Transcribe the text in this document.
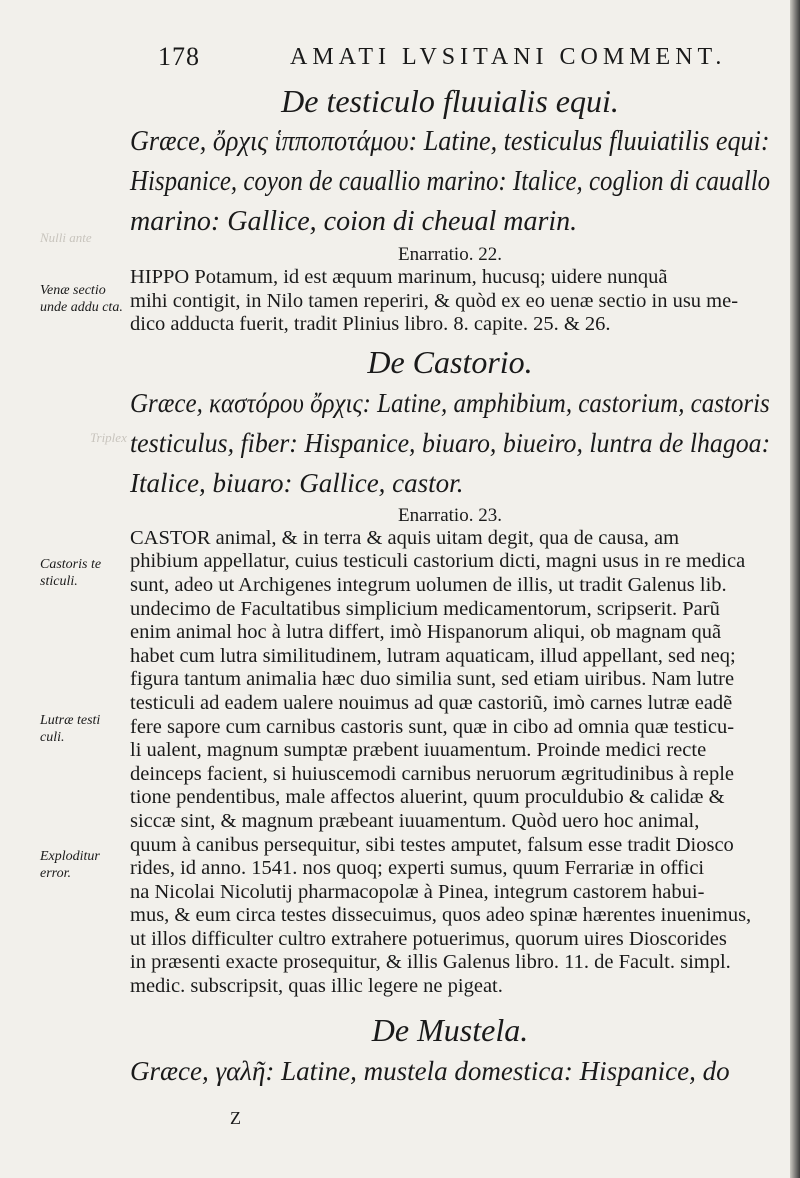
Nulli ante
Triplex
178	AMATI LVSITANI COMMENT.

De testiculo fluuialis equi.

Græce, ὄρχις ἱπποποτάμου: Latine, testiculus fluuiatilis equi:

Hispanice, coyon de cauallio marino: Italice, coglion di cauallo

marino: Gallice, coion di cheual marin.

Enarratio. 22.

HIPPO Potamum, id est æquum marinum, hucusq; uidere nunquã
mihi contigit, in Nilo tamen reperiri, & quòd ex eo uenæ sectio in usu me-
dico adducta fuerit, tradit Plinius libro. 8. capite. 25. & 26.

De Castorio.

Græce, καστόρου ὄρχις: Latine, amphibium, castorium, castoris

testiculus, fiber: Hispanice, biuaro, biueiro, luntra de lhagoa:

Italice, biuaro: Gallice, castor.

Enarratio. 23.

CASTOR animal, & in terra & aquis uitam degit, qua de causa, am
phibium appellatur, cuius testiculi castorium dicti, magni usus in re medica
sunt, adeo ut Archigenes integrum uolumen de illis, ut tradit Galenus lib.
undecimo de Facultatibus simplicium medicamentorum, scripserit. Parũ
enim animal hoc à lutra differt, imò Hispanorum aliqui, ob magnam quã
habet cum lutra similitudinem, lutram aquaticam, illud appellant, sed neq;
figura tantum animalia hæc duo similia sunt, sed etiam uiribus. Nam lutre
testiculi ad eadem ualere nouimus ad quæ castoriũ, imò carnes lutræ eadẽ
fere sapore cum carnibus castoris sunt, quæ in cibo ad omnia quæ testicu-
li ualent, magnum sumptæ præbent iuuamentum. Proinde medici recte
deinceps facient, si huiuscemodi carnibus neruorum ægritudinibus à reple
tione pendentibus, male affectos aluerint, quum proculdubio & calidæ &
siccæ sint, & magnum præbeant iuuamentum. Quòd uero hoc animal,
quum à canibus persequitur, sibi testes amputet, falsum esse tradit Diosco
rides, id anno. 1541. nos quoq; experti sumus, quum Ferrariæ in offici
na Nicolai Nicolutij pharmacopolæ à Pinea, integrum castorem habui-
mus, & eum circa testes dissecuimus, quos adeo spinæ hærentes inuenimus,
ut illos difficulter cultro extrahere potuerimus, quorum uires Dioscorides
in præsenti exacte prosequitur, & illis Galenus libro. 11. de Facult. simpl.
medic. subscripsit, quas illic legere ne pigeat.

De Mustela.

Græce, γαλῆ: Latine, mustela domestica: Hispanice, do

Venæ sectio unde addu cta.
Castoris te sticuli.
Lutræ testi culi.
Exploditur error.
Z
